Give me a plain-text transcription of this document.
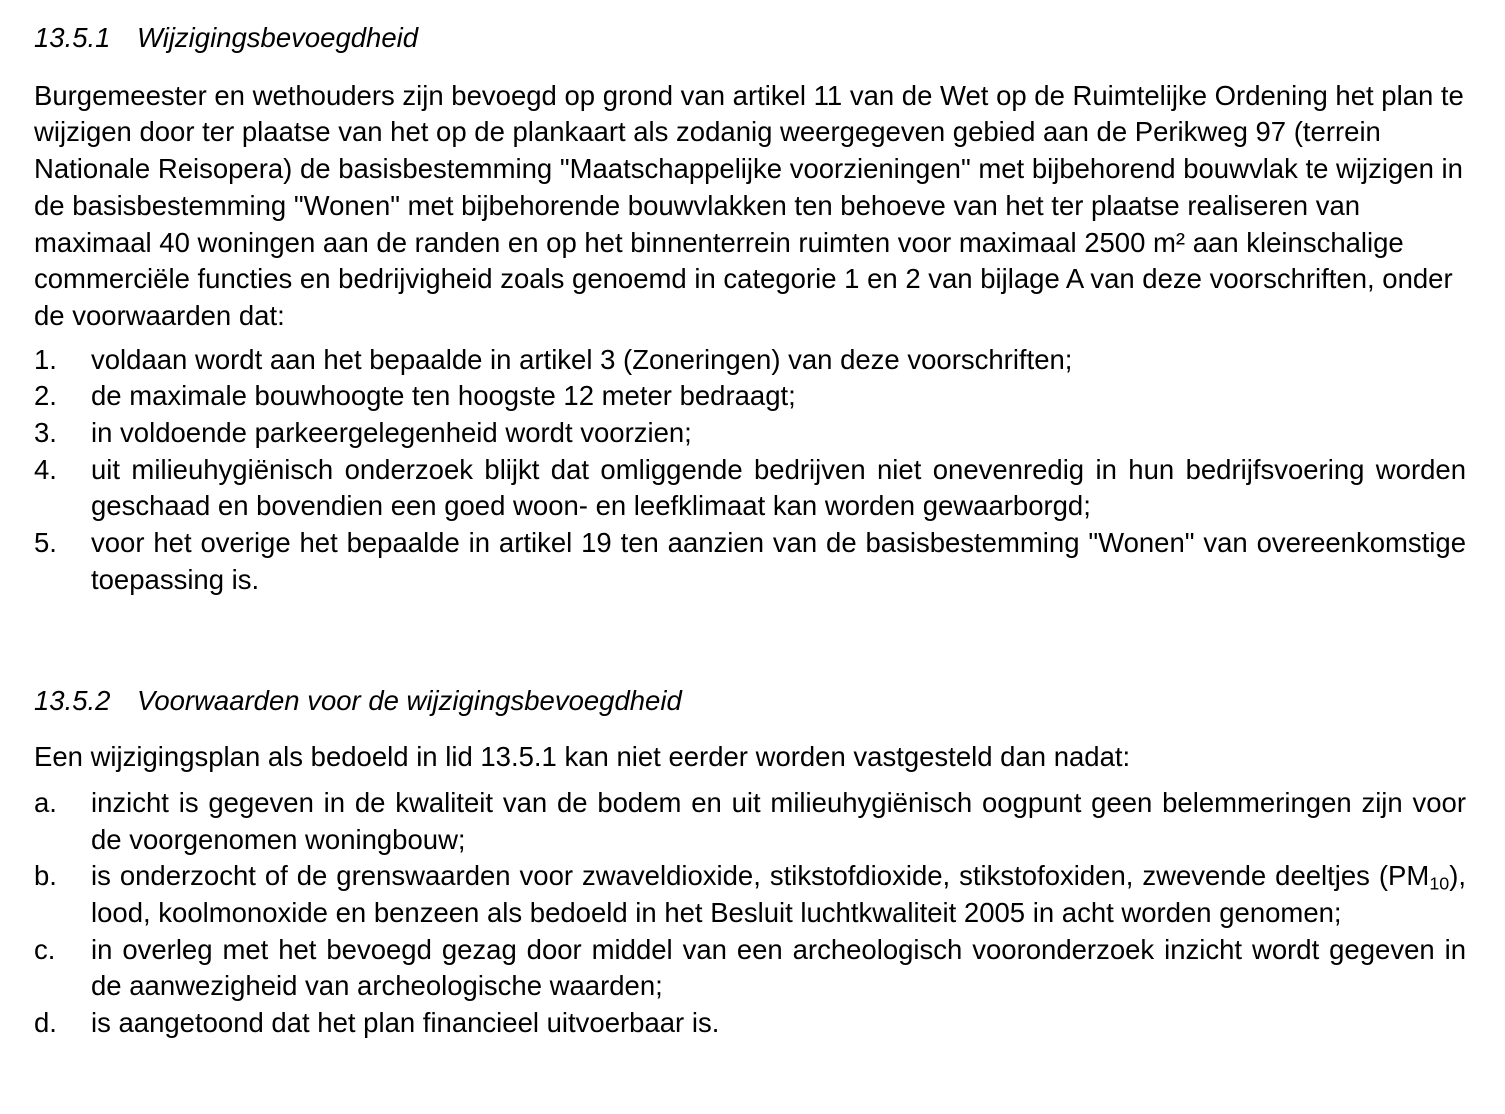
13.5.1 Wijzigingsbevoegdheid

Burgemeester en wethouders zijn bevoegd op grond van artikel 11 van de Wet op de Ruimtelijke Ordening het plan te wijzigen door ter plaatse van het op de plankaart als zodanig weergegeven gebied aan de Perikweg 97 (terrein Nationale Reisopera) de basisbestemming "Maatschappelijke voorzieningen" met bijbehorend bouwvlak te wijzigen in de basisbestemming "Wonen" met bijbehorende bouwvlakken ten behoeve van het ter plaatse realiseren van maximaal 40 woningen aan de randen en op het binnenterrein ruimten voor maximaal 2500 m² aan kleinschalige commerciële functies en bedrijvigheid zoals genoemd in categorie 1 en 2 van bijlage A van deze voorschriften, onder de voorwaarden dat:

1. voldaan wordt aan het bepaalde in artikel 3 (Zoneringen) van deze voorschriften;
2. de maximale bouwhoogte ten hoogste 12 meter bedraagt;
3. in voldoende parkeergelegenheid wordt voorzien;
4. uit milieuhygiënisch onderzoek blijkt dat omliggende bedrijven niet onevenredig in hun bedrijfsvoering worden geschaad en bovendien een goed woon- en leefklimaat kan worden gewaarborgd;
5. voor het overige het bepaalde in artikel 19 ten aanzien van de basisbestemming "Wonen" van overeenkomstige toepassing is.
13.5.2 Voorwaarden voor de wijzigingsbevoegdheid

Een wijzigingsplan als bedoeld in lid 13.5.1 kan niet eerder worden vastgesteld dan nadat:

a. inzicht is gegeven in de kwaliteit van de bodem en uit milieuhygiënisch oogpunt geen belemmeringen zijn voor de voorgenomen woningbouw;
b. is onderzocht of de grenswaarden voor zwaveldioxide, stikstofdioxide, stikstofoxiden, zwevende deeltjes $(PM_{10})$, lood, koolmonoxide en benzeen als bedoeld in het Besluit luchtkwaliteit 2005 in acht worden genomen;
c. in overleg met het bevoegd gezag door middel van een archeologisch vooronderzoek inzicht wordt gegeven in de aanwezigheid van archeologische waarden;
d. is aangetoond dat het plan financieel uitvoerbaar is.
